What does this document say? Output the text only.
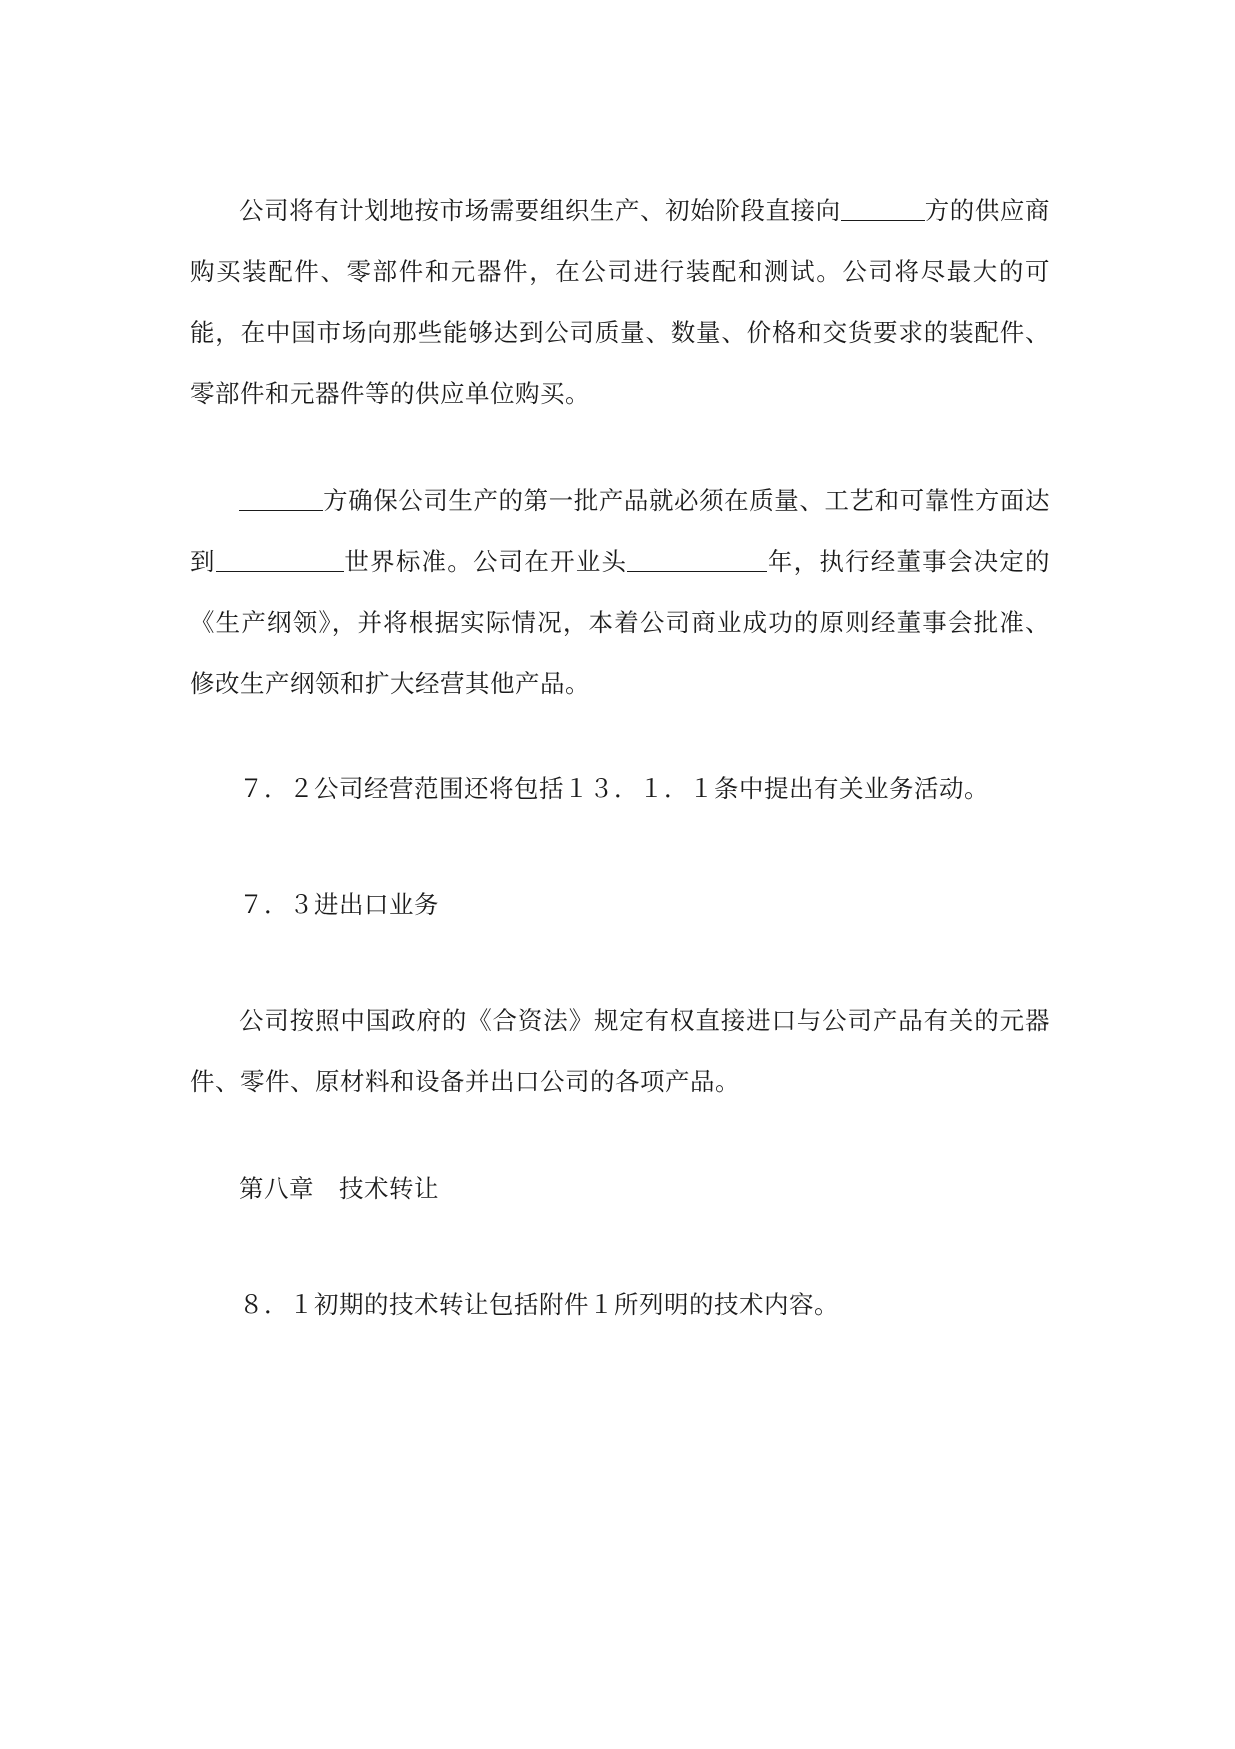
公司将有计划地按市场需要组织生产、初始阶段直接向	方的供应商购买装配件、零部件和元器件，在公司进行装配和测试。公司将尽最大的可能，在中国市场向那些能够达到公司质量、数量、价格和交货要求的装配件、零部件和元器件等的供应单位购买。

方确保公司生产的第一批产品就必须在质量、工艺和可靠性方面达到	世界标准。公司在开业头	年，执行经董事会决定的《生产纲领》，并将根据实际情况，本着公司商业成功的原则经董事会批准、修改生产纲领和扩大经营其他产品。

７．２公司经营范围还将包括１３．１．１条中提出有关业务活动。

７．３进出口业务

公司按照中国政府的《合资法》规定有权直接进口与公司产品有关的元器件、零件、原材料和设备并出口公司的各项产品。

第八章　技术转让

８．１初期的技术转让包括附件１所列明的技术内容。
